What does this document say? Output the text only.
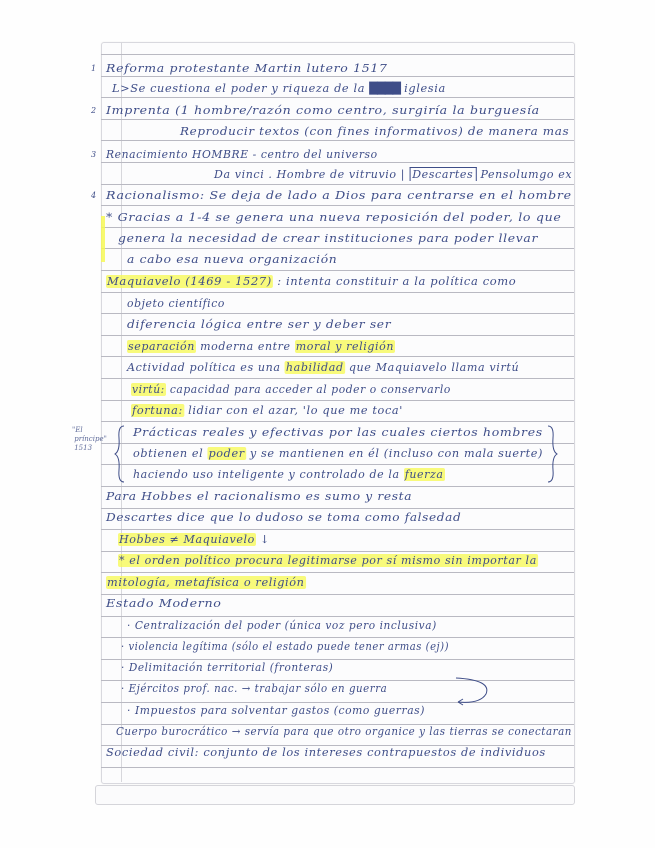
1 Reforma protestante Martin lutero 1517
L>Se cuestiona el poder y riqueza de la ████ iglesia
2 Imprenta (1 hombre/razón como centro, surgiría la burguesía
Reproducir textos (con fines informativos) de manera mas
3 Renacimiento HOMBRE - centro del universo
Da vinci . Hombre de vitruvio | Descartes Pensolumgo ex
4 Racionalismo: Se deja de lado a Dios para centrarse en el hombre
* Gracias a 1-4 se genera una nueva reposición del poder, lo que
genera la necesidad de crear instituciones para poder llevar
a cabo esa nueva organización
Maquiavelo (1469 - 1527) : intenta constituir a la política como
objeto científico
diferencia lógica entre ser y deber ser
separación moderna entre moral y religión
Actividad política es una habilidad que Maquiavelo llama virtú
virtú: capacidad para acceder al poder o conservarlo
fortuna: lidiar con el azar, 'lo que me toca'
Prácticas reales y efectivas por las cuales ciertos hombres
obtienen el poder y se mantienen en él (incluso con mala suerte)
haciendo uso inteligente y controlado de la fuerza
Para Hobbes el racionalismo es sumo y resta
Descartes dice que lo dudoso se toma como falsedad
Hobbes ≠ Maquiavelo ↓
* el orden político procura legitimarse por sí mismo sin importar la
mitología, metafísica o religión
Estado Moderno
· Centralización del poder (única voz pero inclusiva)
· violencia legítima (sólo el estado puede tener armas (ej))
· Delimitación territorial (fronteras)
· Ejércitos prof. nac. → trabajar sólo en guerra
· Impuestos para solventar gastos (como guerras)
Cuerpo burocrático → servía para que otro organice y las tierras se conectaran
Sociedad civil: conjunto de los intereses contrapuestos de individuos
"El
príncipe"
1513
